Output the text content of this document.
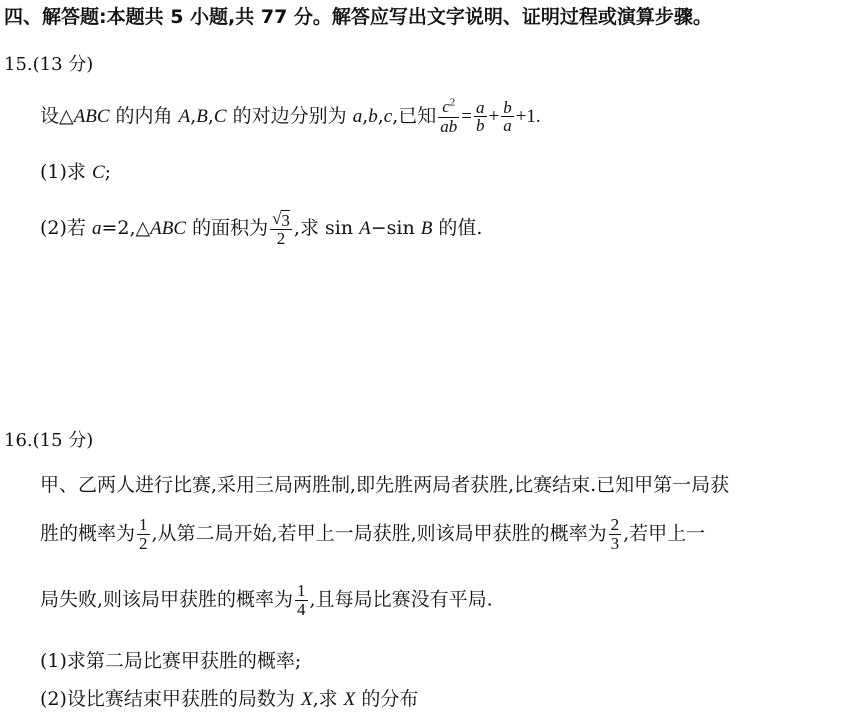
四、解答题:本题共 5 小题,共 77 分。解答应写出文字说明、证明过程或演算步骤。
15.(13 分)
设△ABC 的内角 A,B,C 的对边分别为 a,b,c,已知 $\frac{c^2}{ab} = \frac{a}{b} + \frac{b}{a} +1$.
(1)求 C;
(2)若 a=2,△ABC 的面积为 $\frac{√ 3}{2}$ ,求 sin A−sin B 的值.
16.(15 分)
甲、乙两人进行比赛,采用三局两胜制,即先胜两局者获胜,比赛结束.已知甲第一局获
胜的概率为 $\frac{1}{2}$ ,从第二局开始,若甲上一局获胜,则该局甲获胜的概率为 $\frac{2}{3}$ ,若甲上一
局失败,则该局甲获胜的概率为 $\frac{1}{4}$ ,且每局比赛没有平局.
(1)求第二局比赛甲获胜的概率;
(2)设比赛结束甲获胜的局数为 X,求 X 的分布
